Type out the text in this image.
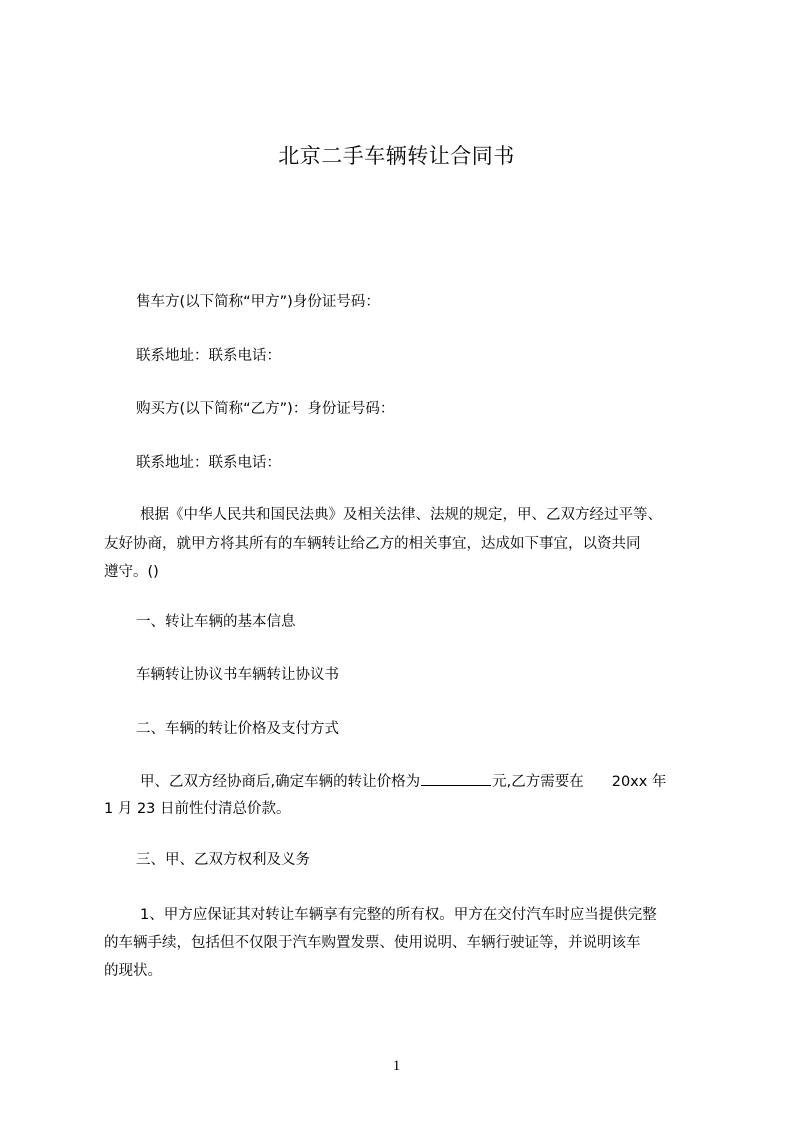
北京二手车辆转让合同书
售车方(以下简称“甲方”)身份证号码：
联系地址：联系电话：
购买方(以下简称“乙方”)：身份证号码：
联系地址：联系电话：
根据《中华人民共和国民法典》及相关法律、法规的规定，甲、乙双方经过平等、
友好协商，就甲方将其所有的车辆转让给乙方的相关事宜，达成如下事宜，以资共同
遵守。()
一、转让车辆的基本信息
车辆转让协议书车辆转让协议书
二、车辆的转让价格及支付方式
甲、乙双方经协商后,确定车辆的转让价格为	元,乙方需要在 20xx 年
1 月 23 日前性付清总价款。
三、甲、乙双方权利及义务
1、甲方应保证其对转让车辆享有完整的所有权。甲方在交付汽车时应当提供完整
的车辆手续，包括但不仅限于汽车购置发票、使用说明、车辆行驶证等，并说明该车
的现状。
1
